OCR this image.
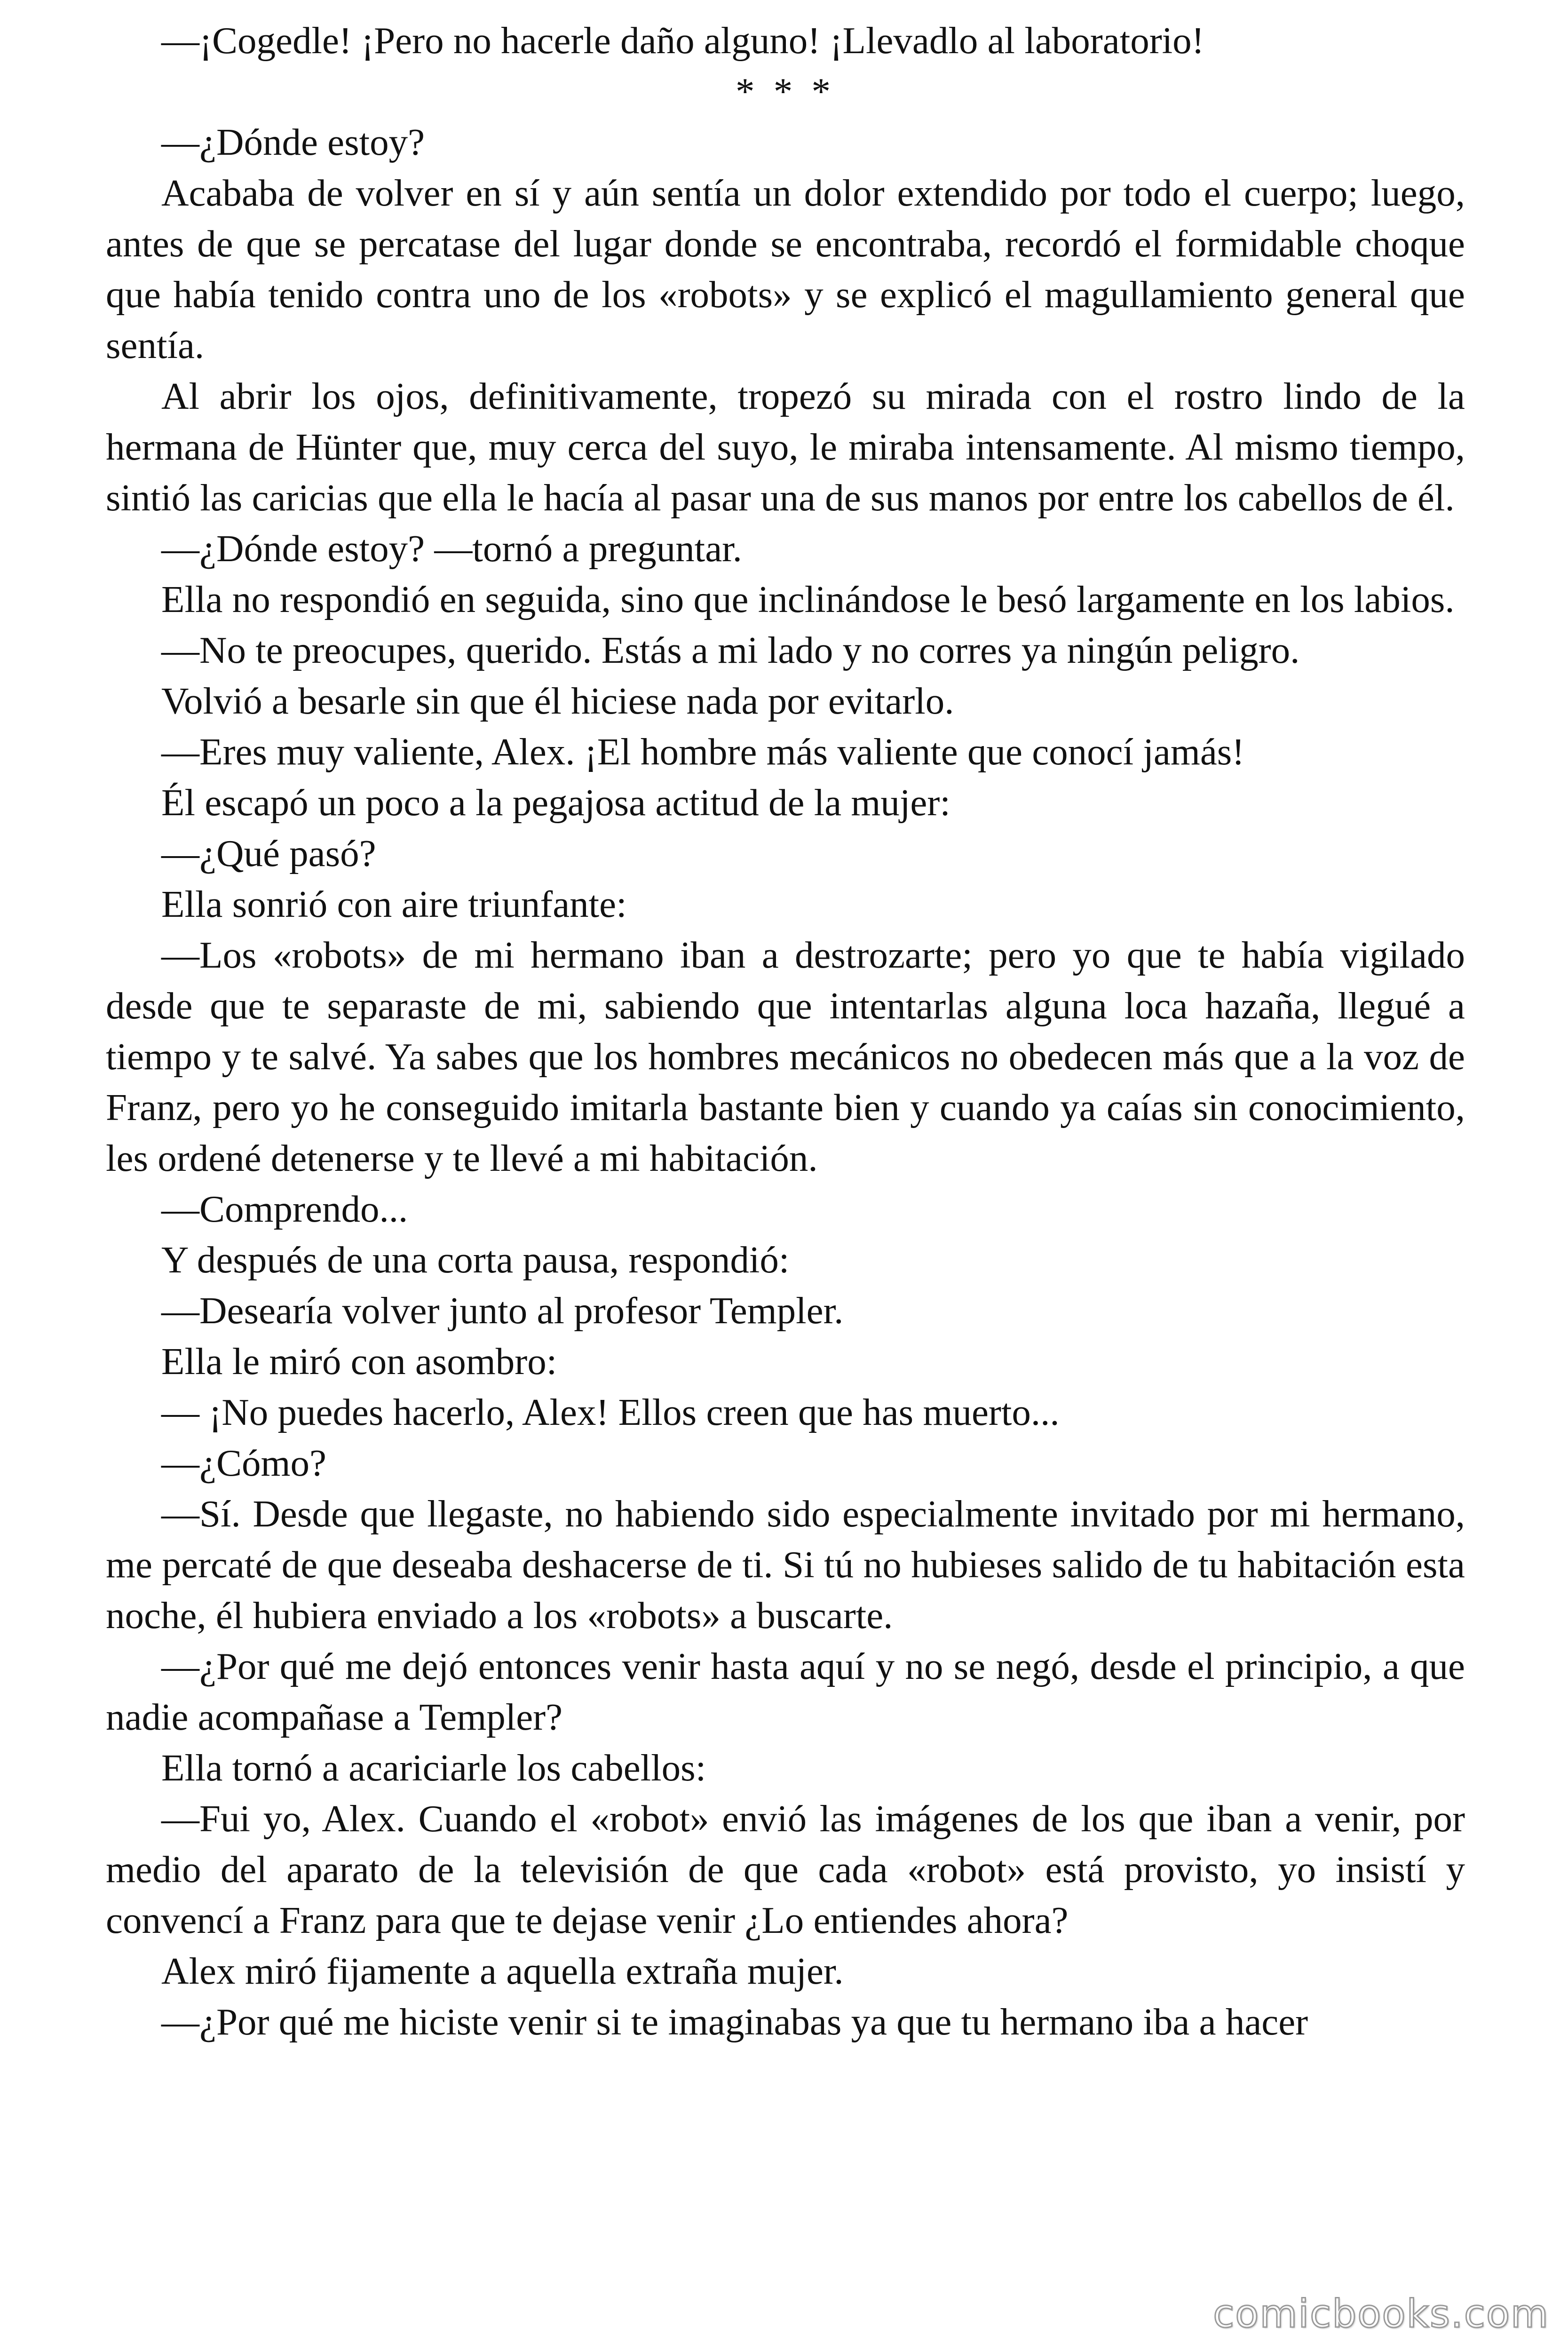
—¡Cogedle! ¡Pero no hacerle daño alguno! ¡Llevadlo al laboratorio!

* * *

—¿Dónde estoy?

Acababa de volver en sí y aún sentía un dolor extendido por todo el cuerpo; luego, antes de que se percatase del lugar donde se encontraba, recordó el formidable choque que había tenido contra uno de los «robots» y se explicó el magullamiento general que sentía.

Al abrir los ojos, definitivamente, tropezó su mirada con el rostro lindo de la hermana de Hünter que, muy cerca del suyo, le miraba intensamente. Al mismo tiempo, sintió las caricias que ella le hacía al pasar una de sus manos por entre los cabellos de él.

—¿Dónde estoy? —tornó a preguntar.

Ella no respondió en seguida, sino que inclinándose le besó largamente en los labios.

—No te preocupes, querido. Estás a mi lado y no corres ya ningún peligro.

Volvió a besarle sin que él hiciese nada por evitarlo.

—Eres muy valiente, Alex. ¡El hombre más valiente que conocí jamás!

Él escapó un poco a la pegajosa actitud de la mujer:

—¿Qué pasó?

Ella sonrió con aire triunfante:

—Los «robots» de mi hermano iban a destrozarte; pero yo que te había vigilado desde que te separaste de mi, sabiendo que intentarlas alguna loca hazaña, llegué a tiempo y te salvé. Ya sabes que los hombres mecánicos no obedecen más que a la voz de Franz, pero yo he conseguido imitarla bastante bien y cuando ya caías sin conocimiento, les ordené detenerse y te llevé a mi habitación.

—Comprendo...

Y después de una corta pausa, respondió:

—Desearía volver junto al profesor Templer.

Ella le miró con asombro:

— ¡No puedes hacerlo, Alex! Ellos creen que has muerto...

—¿Cómo?

—Sí. Desde que llegaste, no habiendo sido especialmente invitado por mi hermano, me percaté de que deseaba deshacerse de ti. Si tú no hubieses salido de tu habitación esta noche, él hubiera enviado a los «robots» a buscarte.

—¿Por qué me dejó entonces venir hasta aquí y no se negó, desde el principio, a que nadie acompañase a Templer?

Ella tornó a acariciarle los cabellos:

—Fui yo, Alex. Cuando el «robot» envió las imágenes de los que iban a venir, por medio del aparato de la televisión de que cada «robot» está provisto, yo insistí y convencí a Franz para que te dejase venir ¿Lo entiendes ahora?

Alex miró fijamente a aquella extraña mujer.

—¿Por qué me hiciste venir si te imaginabas ya que tu hermano iba a hacer

comicbooks.com
